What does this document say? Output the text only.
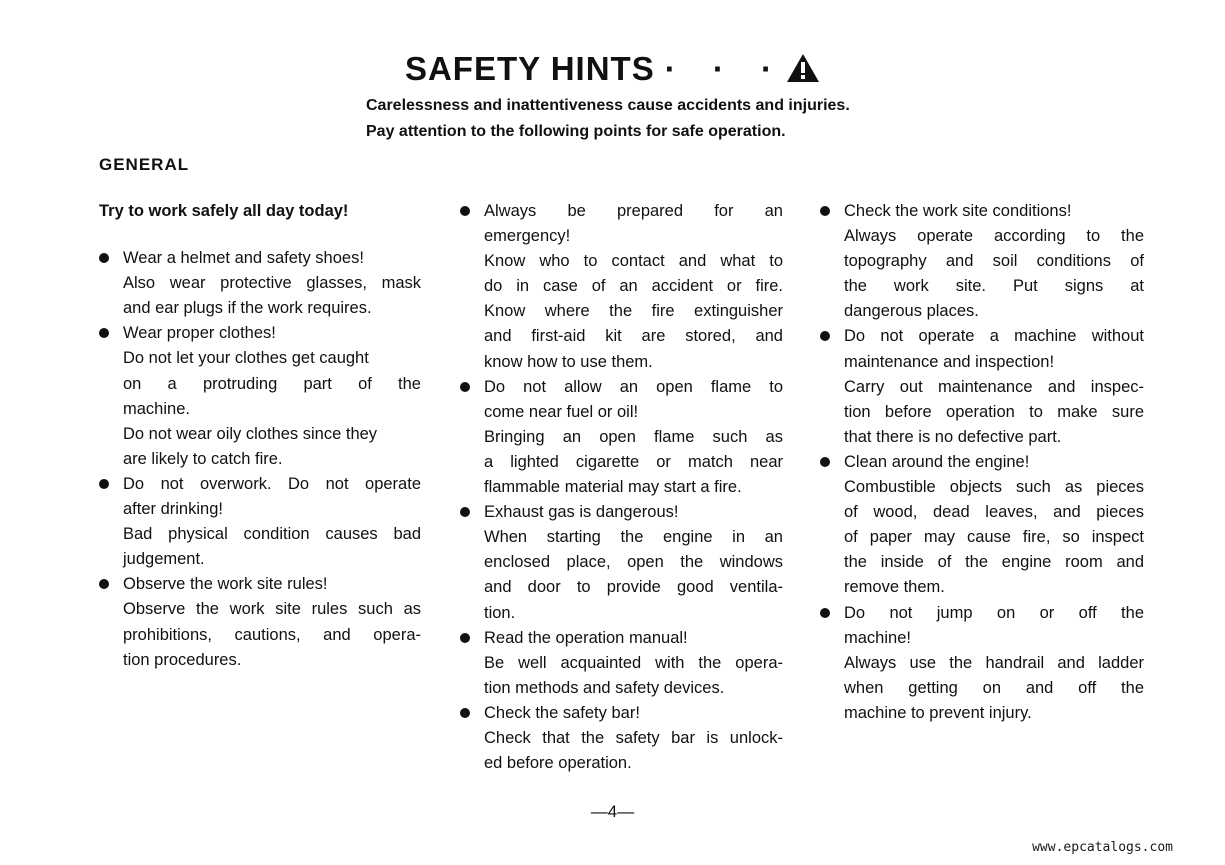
SAFETY HINTS · · ·
Carelessness and inattentiveness cause accidents and injuries.
Pay attention to the following points for safe operation.
GENERAL
Try to work safely all day today!
Wear a helmet and safety shoes!
Also wear protective glasses, mask
and ear plugs if the work requires.
Wear proper clothes!
Do not let your clothes get caught
on a protruding part of the
machine.
Do not wear oily clothes since they
are likely to catch fire.
Do not overwork. Do not operate
after drinking!
Bad physical condition causes bad
judgement.
Observe the work site rules!
Observe the work site rules such as
prohibitions, cautions, and opera-
tion procedures.
Always be prepared for an
emergency!
Know who to contact and what to
do in case of an accident or fire.
Know where the fire extinguisher
and first-aid kit are stored, and
know how to use them.
Do not allow an open flame to
come near fuel or oil!
Bringing an open flame such as
a lighted cigarette or match near
flammable material may start a fire.
Exhaust gas is dangerous!
When starting the engine in an
enclosed place, open the windows
and door to provide good ventila-
tion.
Read the operation manual!
Be well acquainted with the opera-
tion methods and safety devices.
Check the safety bar!
Check that the safety bar is unlock-
ed before operation.
Check the work site conditions!
Always operate according to the
topography and soil conditions of
the work site. Put signs at
dangerous places.
Do not operate a machine without
maintenance and inspection!
Carry out maintenance and inspec-
tion before operation to make sure
that there is no defective part.
Clean around the engine!
Combustible objects such as pieces
of wood, dead leaves, and pieces
of paper may cause fire, so inspect
the inside of the engine room and
remove them.
Do not jump on or off the
machine!
Always use the handrail and ladder
when getting on and off the
machine to prevent injury.
—4—
www.epcatalogs.com
